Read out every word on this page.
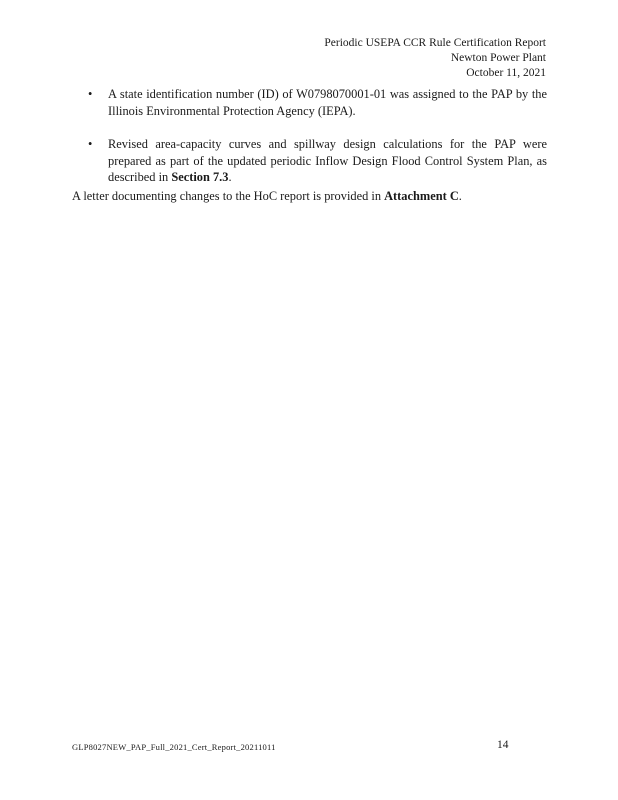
Periodic USEPA CCR Rule Certification Report
Newton Power Plant
October 11, 2021
• A state identification number (ID) of W0798070001-01 was assigned to the PAP by the Illinois Environmental Protection Agency (IEPA).
• Revised area-capacity curves and spillway design calculations for the PAP were prepared as part of the updated periodic Inflow Design Flood Control System Plan, as described in Section 7.3.

A letter documenting changes to the HoC report is provided in Attachment C.

GLP8027NEW_PAP_Full_2021_Cert_Report_20211011	14
